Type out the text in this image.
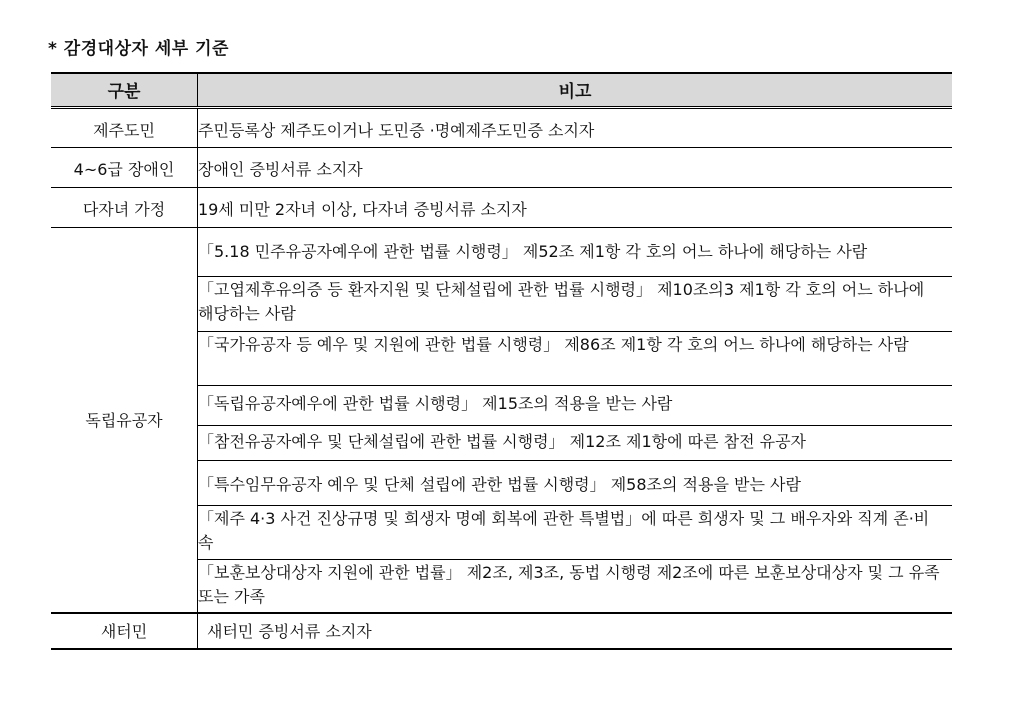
* 감경대상자 세부 기준
구분	비고
제주도민	주민등록상 제주도이거나 도민증 ·명예제주도민증 소지자
4~6급 장애인	장애인 증빙서류 소지자
다자녀 가정	19세 미만 2자녀 이상, 다자녀 증빙서류 소지자
독립유공자	「5.18 민주유공자예우에 관한 법률 시행령」 제52조 제1항 각 호의 어느 하나에 해당하는 사람
	「고엽제후유의증 등 환자지원 및 단체설립에 관한 법률 시행령」 제10조의3 제1항 각 호의 어느 하나에 해당하는 사람
	「국가유공자 등 예우 및 지원에 관한 법률 시행령」 제86조 제1항 각 호의 어느 하나에 해당하는 사람
	「독립유공자예우에 관한 법률 시행령」 제15조의 적용을 받는 사람
	「참전유공자예우 및 단체설립에 관한 법률 시행령」 제12조 제1항에 따른 참전 유공자
	「특수임무유공자 예우 및 단체 설립에 관한 법률 시행령」 제58조의 적용을 받는 사람
	「제주 4·3 사건 진상규명 및 희생자 명예 회복에 관한 특별법」에 따른 희생자 및 그 배우자와 직계 존·비속
	「보훈보상대상자 지원에 관한 법률」 제2조, 제3조, 동법 시행령 제2조에 따른 보훈보상대상자 및 그 유족 또는 가족
새터민	새터민 증빙서류 소지자
